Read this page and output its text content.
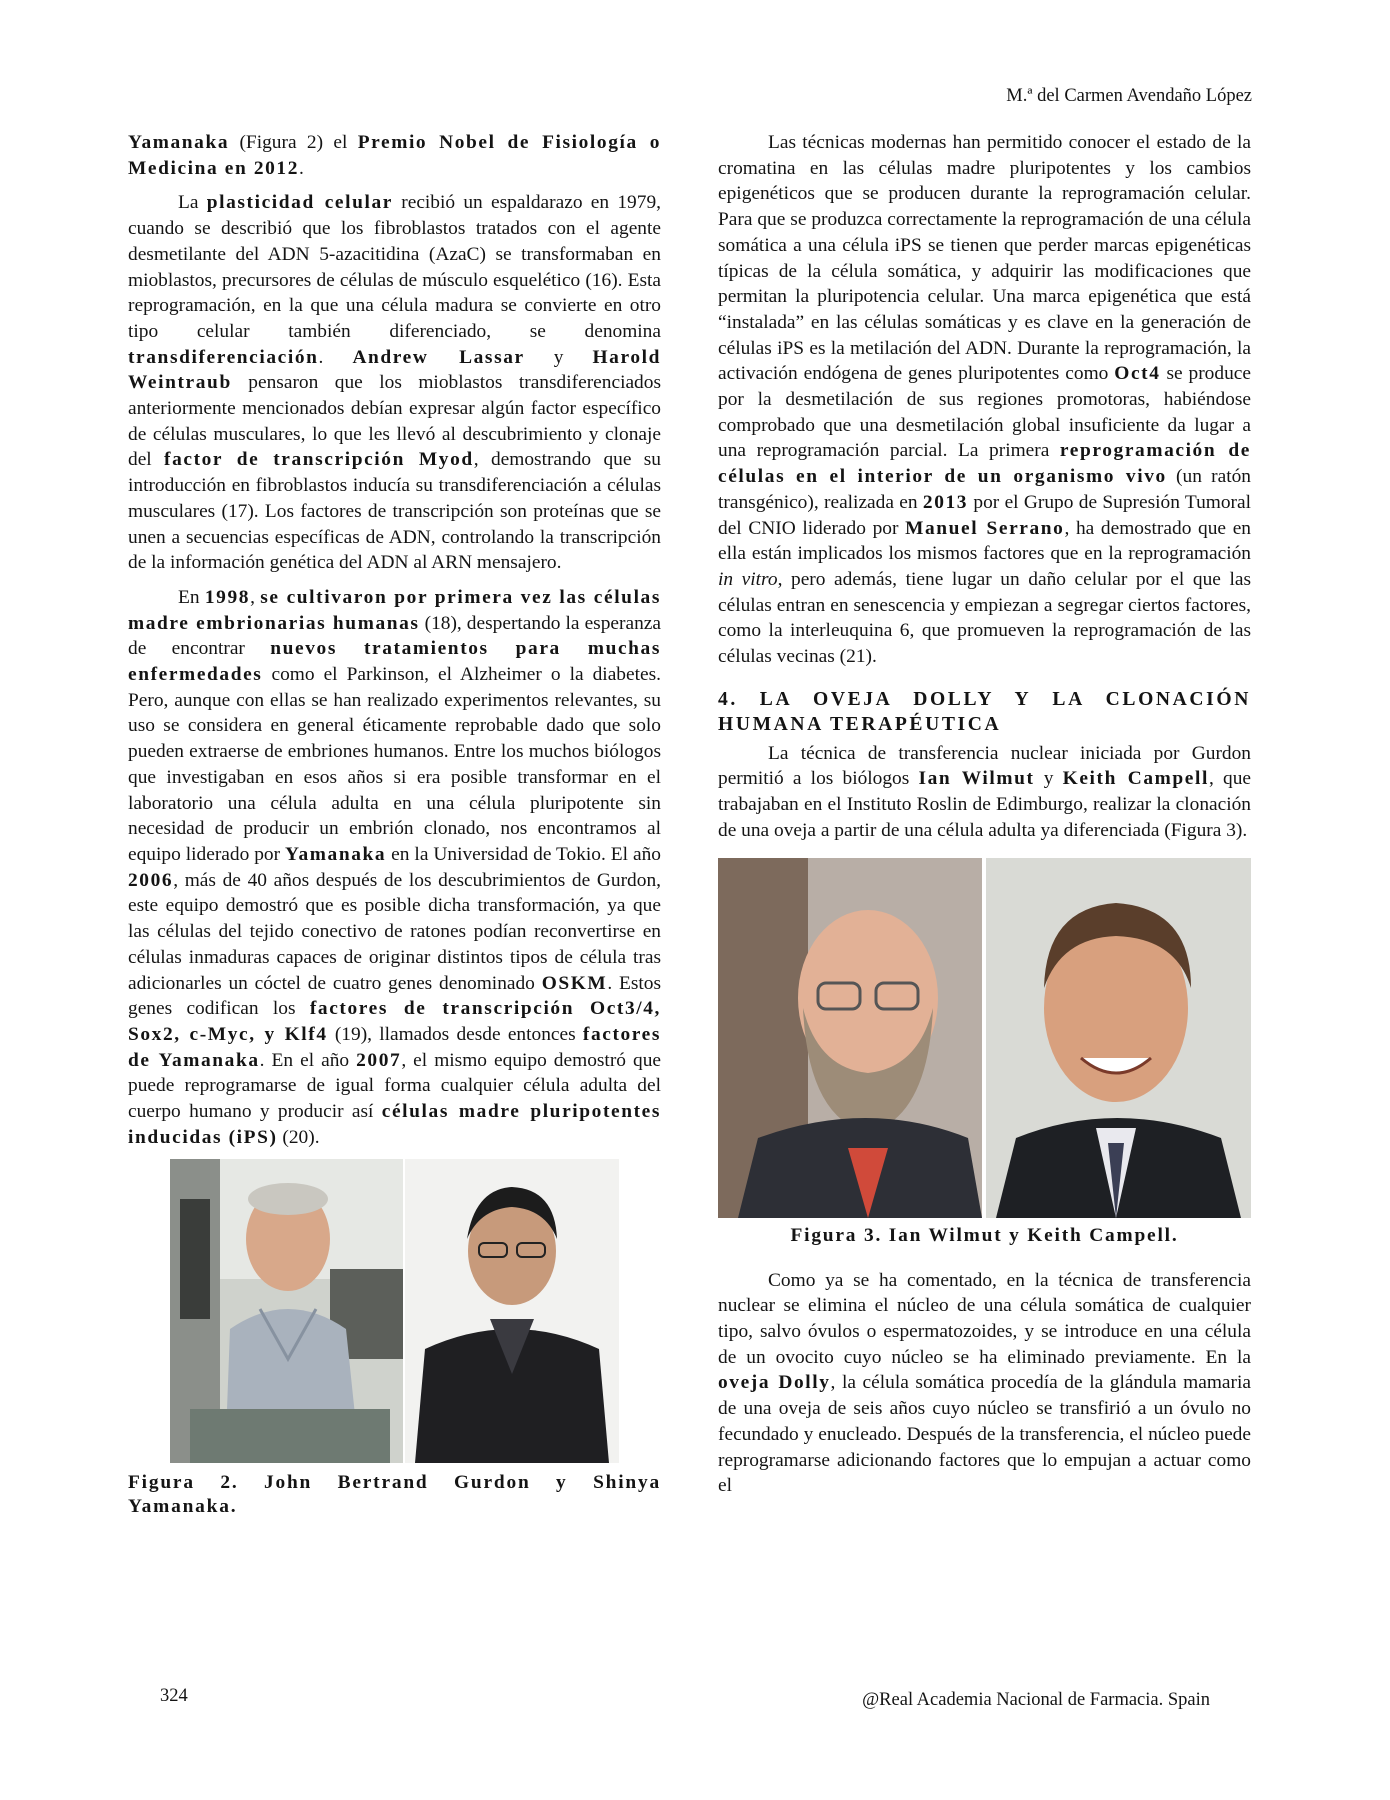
M.ª del Carmen Avendaño López

Yamanaka (Figura 2) el Premio Nobel de Fisiología o Medicina en 2012.

La plasticidad celular recibió un espaldarazo en 1979, cuando se describió que los fibroblastos tratados con el agente desmetilante del ADN 5-azacitidina (AzaC) se transformaban en mioblastos, precursores de células de músculo esquelético (16). Esta reprogramación, en la que una célula madura se convierte en otro tipo celular también diferenciado, se denomina transdiferenciación. Andrew Lassar y Harold Weintraub pensaron que los mioblastos transdiferenciados anteriormente mencionados debían expresar algún factor específico de células musculares, lo que les llevó al descubrimiento y clonaje del factor de transcripción Myod, demostrando que su introducción en fibroblastos inducía su transdiferenciación a células musculares (17). Los factores de transcripción son proteínas que se unen a secuencias específicas de ADN, controlando la transcripción de la información genética del ADN al ARN mensajero.

En 1998, se cultivaron por primera vez las células madre embrionarias humanas (18), despertando la esperanza de encontrar nuevos tratamientos para muchas enfermedades como el Parkinson, el Alzheimer o la diabetes. Pero, aunque con ellas se han realizado experimentos relevantes, su uso se considera en general éticamente reprobable dado que solo pueden extraerse de embriones humanos. Entre los muchos biólogos que investigaban en esos años si era posible transformar en el laboratorio una célula adulta en una célula pluripotente sin necesidad de producir un embrión clonado, nos encontramos al equipo liderado por Yamanaka en la Universidad de Tokio. El año 2006, más de 40 años después de los descubrimientos de Gurdon, este equipo demostró que es posible dicha transformación, ya que las células del tejido conectivo de ratones podían reconvertirse en células inmaduras capaces de originar distintos tipos de célula tras adicionarles un cóctel de cuatro genes denominado OSKM. Estos genes codifican los factores de transcripción Oct3/4, Sox2, c-Myc, y Klf4 (19), llamados desde entonces factores de Yamanaka. En el año 2007, el mismo equipo demostró que puede reprogramarse de igual forma cualquier célula adulta del cuerpo humano y producir así células madre pluripotentes inducidas (iPS) (20).

Figura 2. John Bertrand Gurdon y Shinya Yamanaka.

Las técnicas modernas han permitido conocer el estado de la cromatina en las células madre pluripotentes y los cambios epigenéticos que se producen durante la reprogramación celular. Para que se produzca correctamente la reprogramación de una célula somática a una célula iPS se tienen que perder marcas epigenéticas típicas de la célula somática, y adquirir las modificaciones que permitan la pluripotencia celular. Una marca epigenética que está “instalada” en las células somáticas y es clave en la generación de células iPS es la metilación del ADN. Durante la reprogramación, la activación endógena de genes pluripotentes como Oct4 se produce por la desmetilación de sus regiones promotoras, habiéndose comprobado que una desmetilación global insuficiente da lugar a una reprogramación parcial. La primera reprogramación de células en el interior de un organismo vivo (un ratón transgénico), realizada en 2013 por el Grupo de Supresión Tumoral del CNIO liderado por Manuel Serrano, ha demostrado que en ella están implicados los mismos factores que en la reprogramación in vitro, pero además, tiene lugar un daño celular por el que las células entran en senescencia y empiezan a segregar ciertos factores, como la interleuquina 6, que promueven la reprogramación de las células vecinas (21).

4. LA OVEJA DOLLY Y LA CLONACIÓN HUMANA TERAPÉUTICA

La técnica de transferencia nuclear iniciada por Gurdon permitió a los biólogos Ian Wilmut y Keith Campell, que trabajaban en el Instituto Roslin de Edimburgo, realizar la clonación de una oveja a partir de una célula adulta ya diferenciada (Figura 3).

Figura 3. Ian Wilmut y Keith Campell.

Como ya se ha comentado, en la técnica de transferencia nuclear se elimina el núcleo de una célula somática de cualquier tipo, salvo óvulos o espermatozoides, y se introduce en una célula de un ovocito cuyo núcleo se ha eliminado previamente. En la oveja Dolly, la célula somática procedía de la glándula mamaria de una oveja de seis años cuyo núcleo se transfirió a un óvulo no fecundado y enucleado. Después de la transferencia, el núcleo puede reprogramarse adicionando factores que lo empujan a actuar como el

324	@Real Academia Nacional de Farmacia. Spain
